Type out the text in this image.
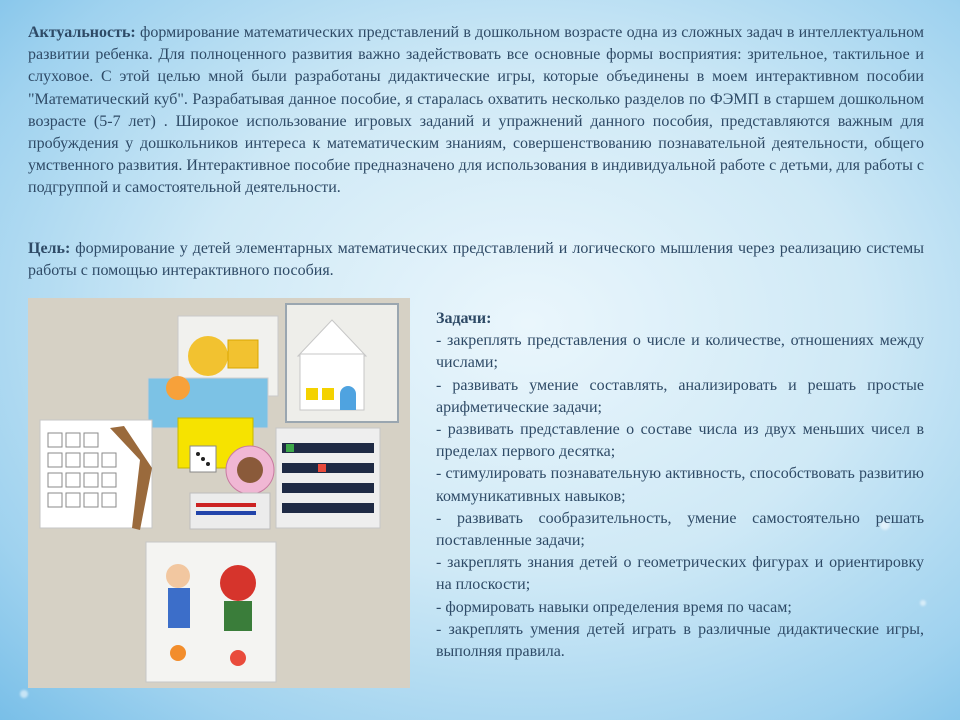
Актуальность: формирование математических представлений в дошкольном возрасте одна из сложных задач в интеллектуальном развитии ребенка. Для полноценного развития важно задействовать все основные формы восприятия: зрительное, тактильное и слуховое. С этой целью мной были разработаны дидактические игры, которые объединены в моем интерактивном пособии "Математический куб". Разрабатывая данное пособие, я старалась охватить несколько разделов по ФЭМП в старшем дошкольном возрасте (5-7 лет) . Широкое использование игровых заданий и упражнений данного пособия, представляются важным для пробуждения у дошкольников интереса к математическим знаниям, совершенствованию познавательной деятельности, общего умственного развития. Интерактивное пособие предназначено для использования в индивидуальной работе с детьми, для работы с подгруппой и самостоятельной деятельности.
Цель: формирование у детей элементарных математических представлений и логического мышления через реализацию системы работы с помощью интерактивного пособия.
Задачи:

- закреплять представления о числе и количестве, отношениях между числами;

- развивать умение составлять, анализировать и решать простые арифметические задачи;

- развивать представление о составе числа из двух меньших чисел в пределах первого десятка;

- стимулировать познавательную активность, способствовать развитию коммуникативных навыков;

- развивать сообразительность, умение самостоятельно решать поставленные задачи;

- закреплять знания детей о геометрических фигурах и ориентировку на плоскости;

- формировать навыки определения время по часам;

- закреплять умения детей играть в различные дидактические игры, выполняя правила.
